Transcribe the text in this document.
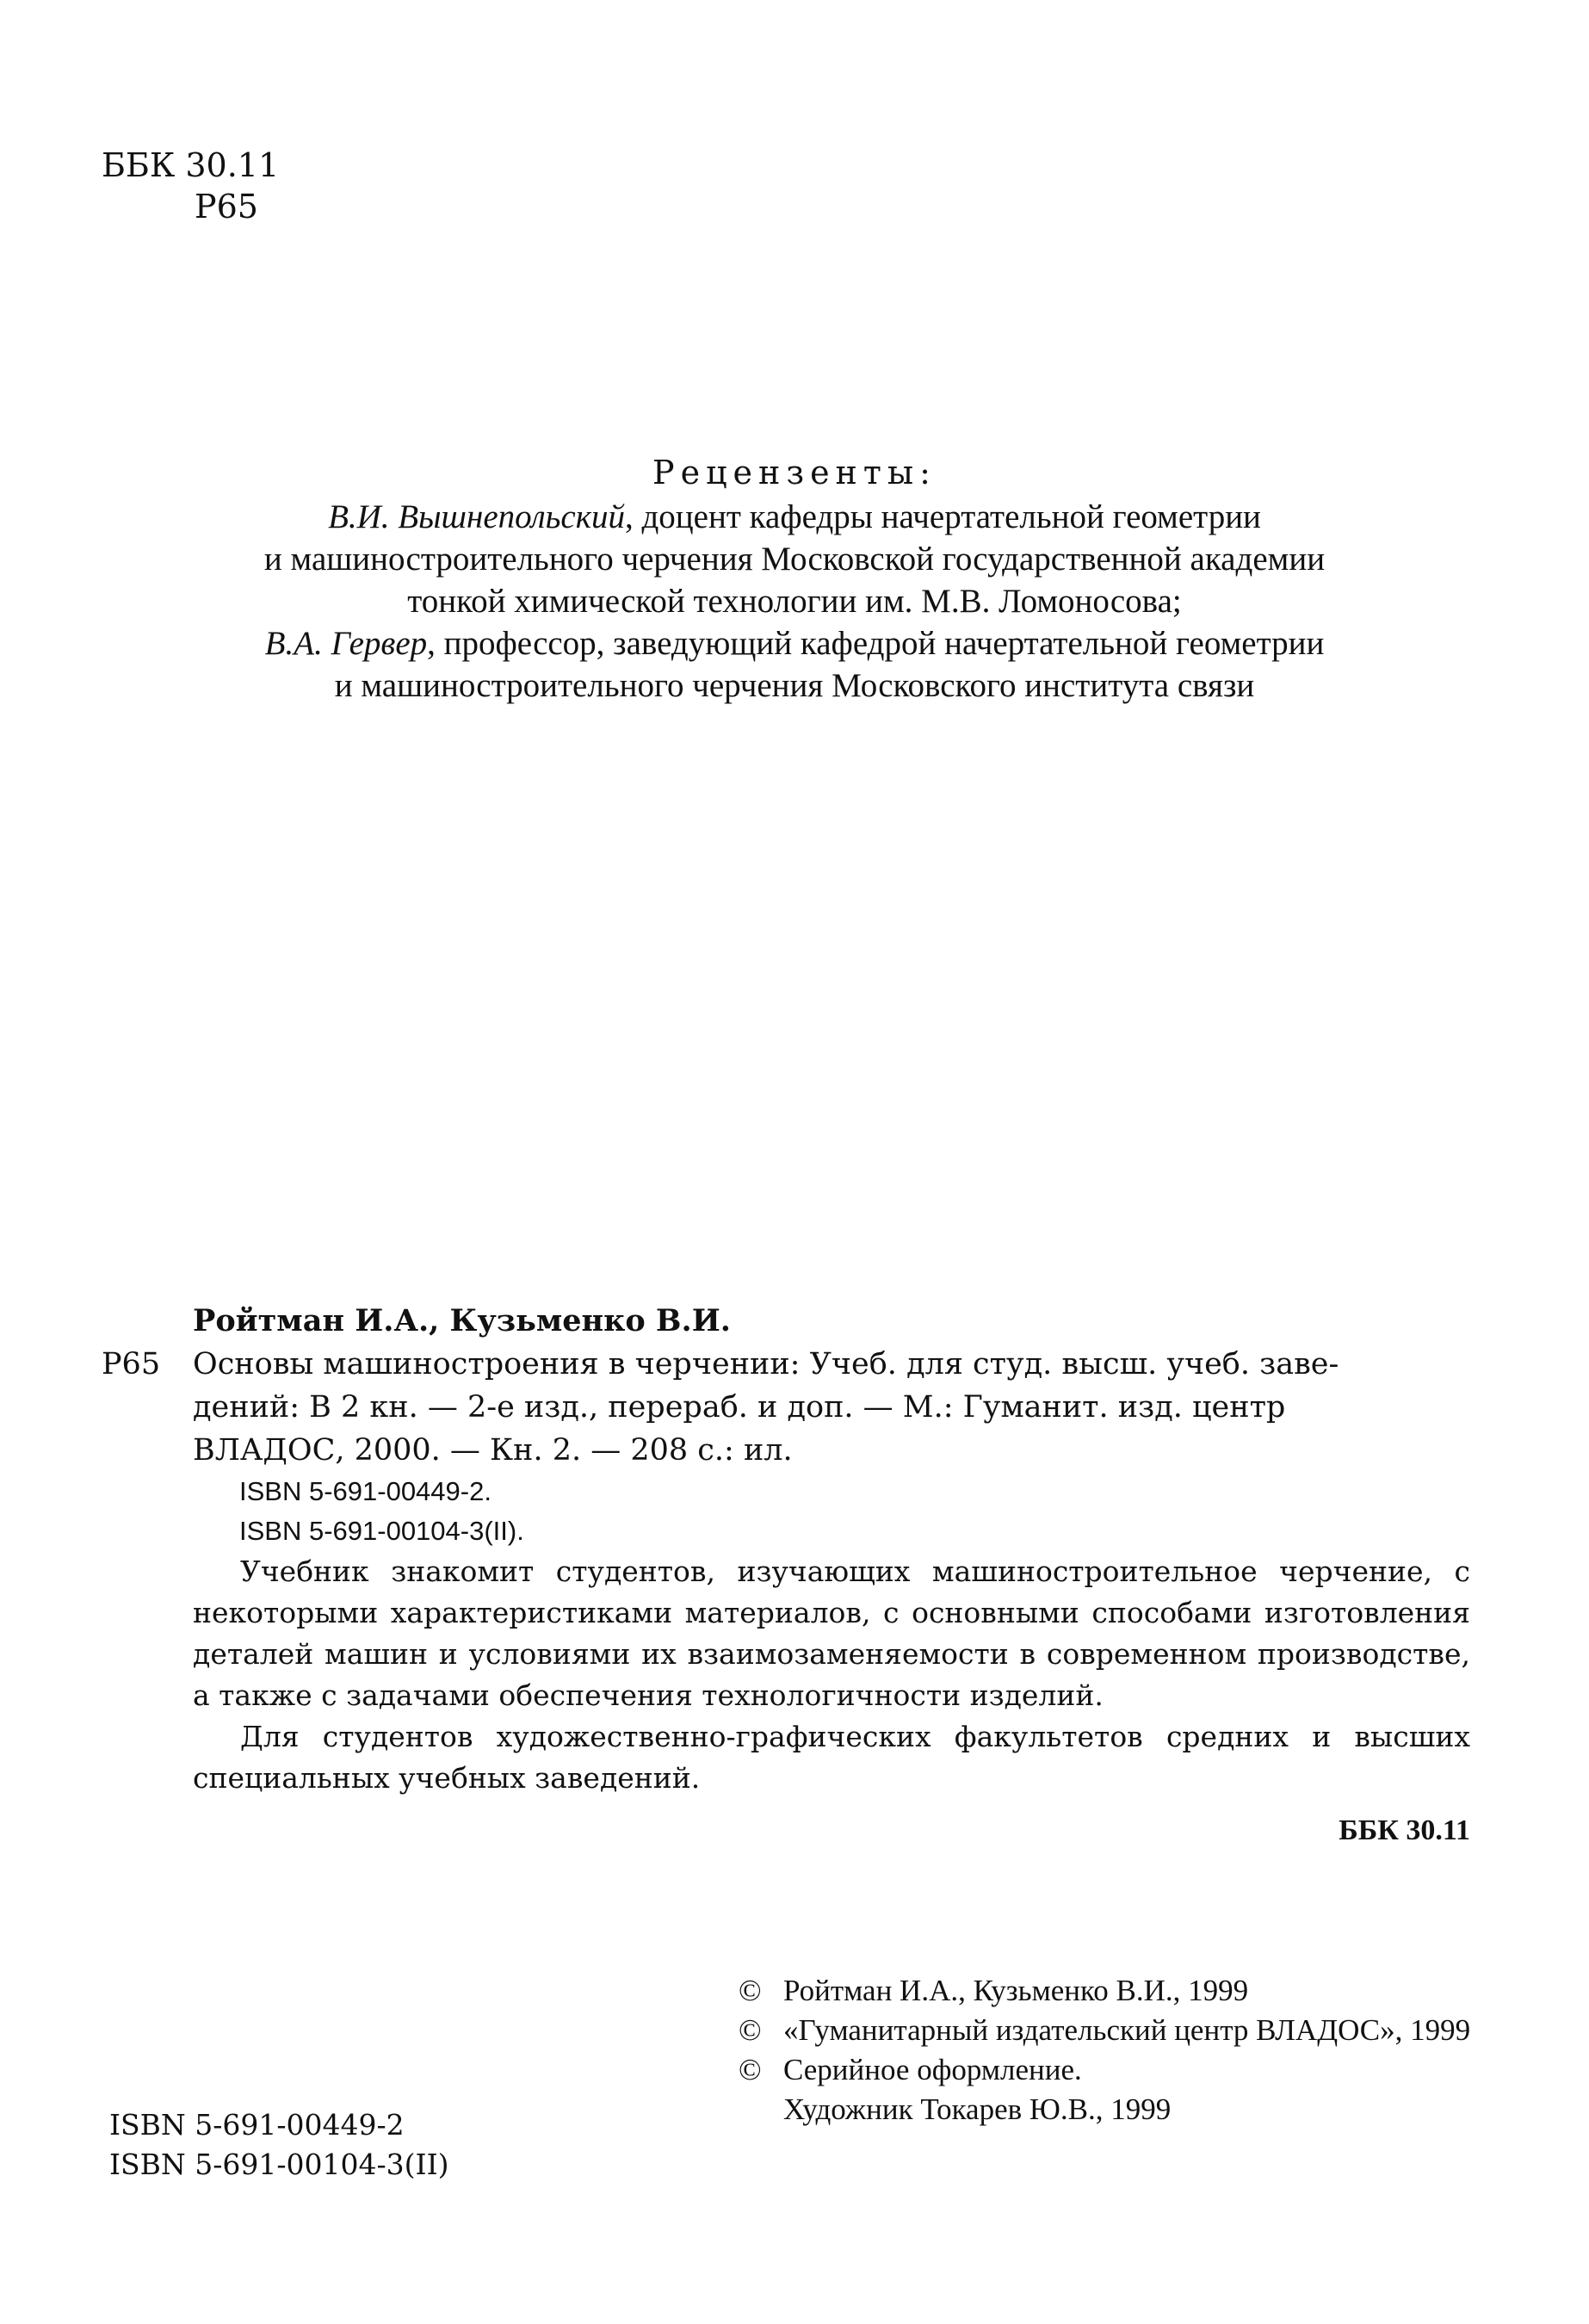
ББК 30.11
Р65
Рецензенты:
В.И. Вышнепольский, доцент кафедры начертательной геометрии
и машиностроительного черчения Московской государственной академии
тонкой химической технологии им. М.В. Ломоносова;
В.А. Гервер, профессор, заведующий кафедрой начертательной геометрии
и машиностроительного черчения Московского института связи
Ройтман И.А., Кузьменко В.И.
Р65	Основы машиностроения в черчении: Учеб. для студ. высш. учеб. заве-
дений: В 2 кн. — 2-е изд., перераб. и доп. — М.: Гуманит. изд. центр
ВЛАДОС, 2000. — Кн. 2. — 208 с.: ил.
ISBN 5-691-00449-2.
ISBN 5-691-00104-3(II).

Учебник знакомит студентов, изучающих машиностроительное черчение, с некоторыми характеристиками материалов, с основными способами изготовления деталей машин и условиями их взаимозаменяемости в современном производстве, а также с задачами обеспечения технологичности изделий.

Для студентов художественно-графических факультетов средних и высших специальных учебных заведений.

ББК 30.11
© Ройтман И.А., Кузьменко В.И., 1999
© «Гуманитарный издательский центр ВЛАДОС», 1999
© Серийное оформление.
Художник Токарев Ю.В., 1999
ISBN 5-691-00449-2
ISBN 5-691-00104-3(II)
